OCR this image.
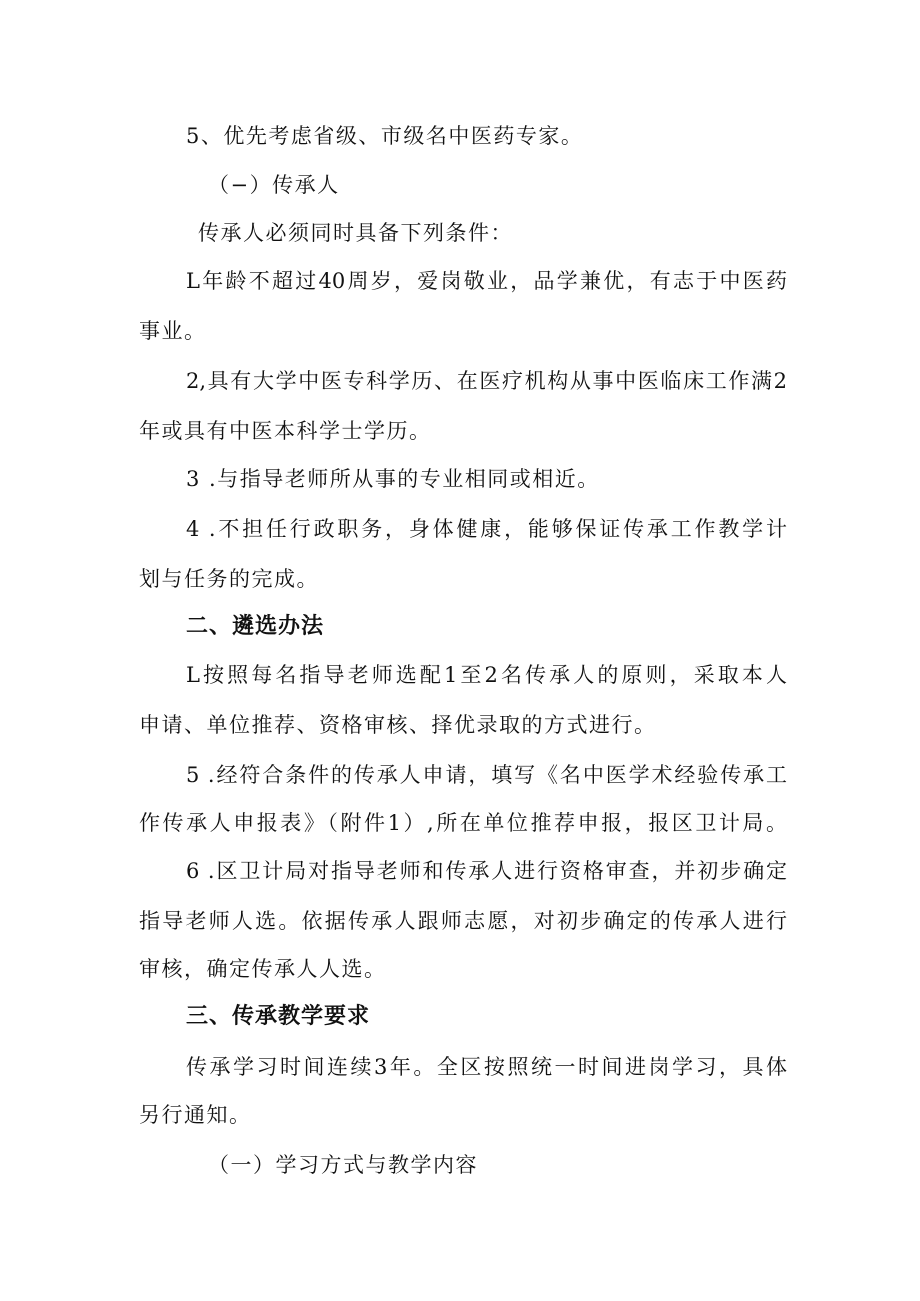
5、优先考虑省级、市级名中医药专家。
（−）传承人
传承人必须同时具备下列条件：
L年龄不超过40周岁，爱岗敬业，品学兼优，有志于中医药
事业。
2,具有大学中医专科学历、在医疗机构从事中医临床工作满2
年或具有中医本科学士学历。
3 .与指导老师所从事的专业相同或相近。
4 .不担任行政职务，身体健康，能够保证传承工作教学计
划与任务的完成。
二、遴选办法
L按照每名指导老师选配1至2名传承人的原则，采取本人
申请、单位推荐、资格审核、择优录取的方式进行。
5 .经符合条件的传承人申请，填写《名中医学术经验传承工
作传承人申报表》（附件1）,所在单位推荐申报，报区卫计局。
6 .区卫计局对指导老师和传承人进行资格审查，并初步确定
指导老师人选。依据传承人跟师志愿，对初步确定的传承人进行
审核，确定传承人人选。
三、传承教学要求
传承学习时间连续3年。全区按照统一时间进岗学习，具体
另行通知。
（一）学习方式与教学内容
